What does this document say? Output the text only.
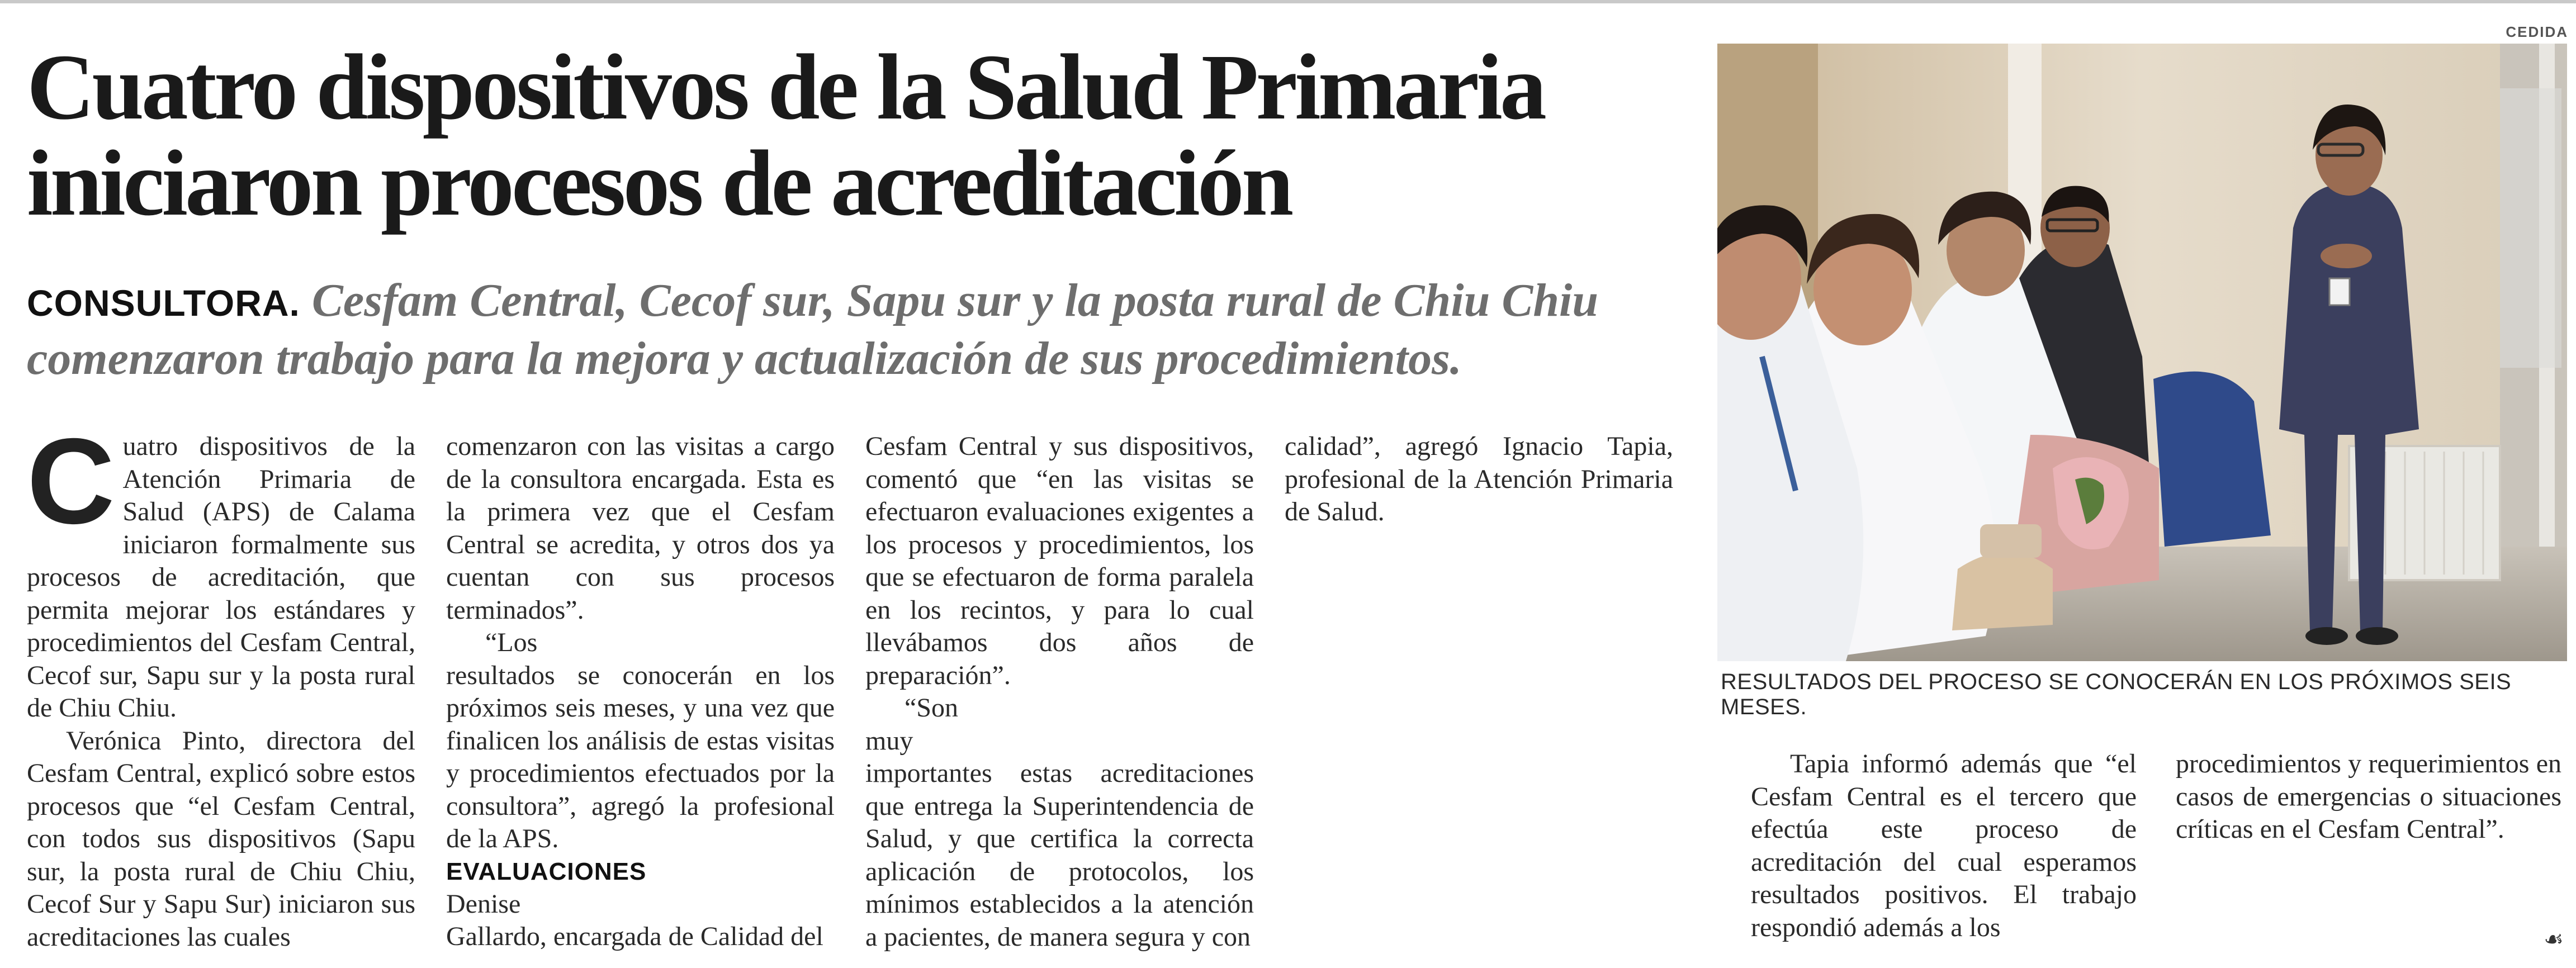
Cuatro dispositivos de la Salud Primaria
iniciaron procesos de acreditación
CONSULTORA. Cesfam Central, Cecof sur, Sapu sur y la posta rural de Chiu Chiu comenzaron trabajo para la mejora y actualización de sus procedimientos.

Cuatro dispositivos de la Atención Primaria de Salud (APS) de Calama iniciaron formalmente sus procesos de acreditación, que permita mejorar los estándares y procedimientos del Cesfam Central, Cecof sur, Sapu sur y la posta rural de Chiu Chiu.

Verónica Pinto, directora del Cesfam Central, explicó sobre estos procesos que “el Cesfam Central, con todos sus dispositivos (Sapu sur, la posta rural de Chiu Chiu, Cecof Sur y Sapu Sur) iniciaron sus acreditaciones las cuales

comenzaron con las visitas a cargo de la consultora encargada. Esta es la primera vez que el Cesfam Central se acredita, y otros dos ya cuentan con sus procesos terminados”.

“Los

resultados se conocerán en los próximos seis meses, y una vez que finalicen los análisis de estas visitas y procedimientos efectuados por la consultora”, agregó la profesional de la APS.

EVALUACIONES

Denise

Gallardo, encargada de Calidad del

Cesfam Central y sus dispositivos, comentó que “en las visitas se efectuaron evaluaciones exigentes a los procesos y procedimientos, los que se efectuaron de forma paralela en los recintos, y para lo cual llevábamos dos años de preparación”.

“Son

muy

importantes estas acreditaciones que entrega la Superintendencia de Salud, y que certifica la correcta aplicación de protocolos, los mínimos establecidos a la atención a pacientes, de manera segura y con

calidad”, agregó Ignacio Tapia, profesional de la Atención Primaria de Salud.

CEDIDA
RESULTADOS DEL PROCESO SE CONOCERÁN EN LOS PRÓXIMOS SEIS MESES.

Tapia informó además que “el Cesfam Central es el tercero que efectúa este proceso de acreditación del cual esperamos resultados positivos. El trabajo respondió además a los

procedimientos y requerimientos en casos de emergencias o situaciones críticas en el Cesfam Central”.

☙
